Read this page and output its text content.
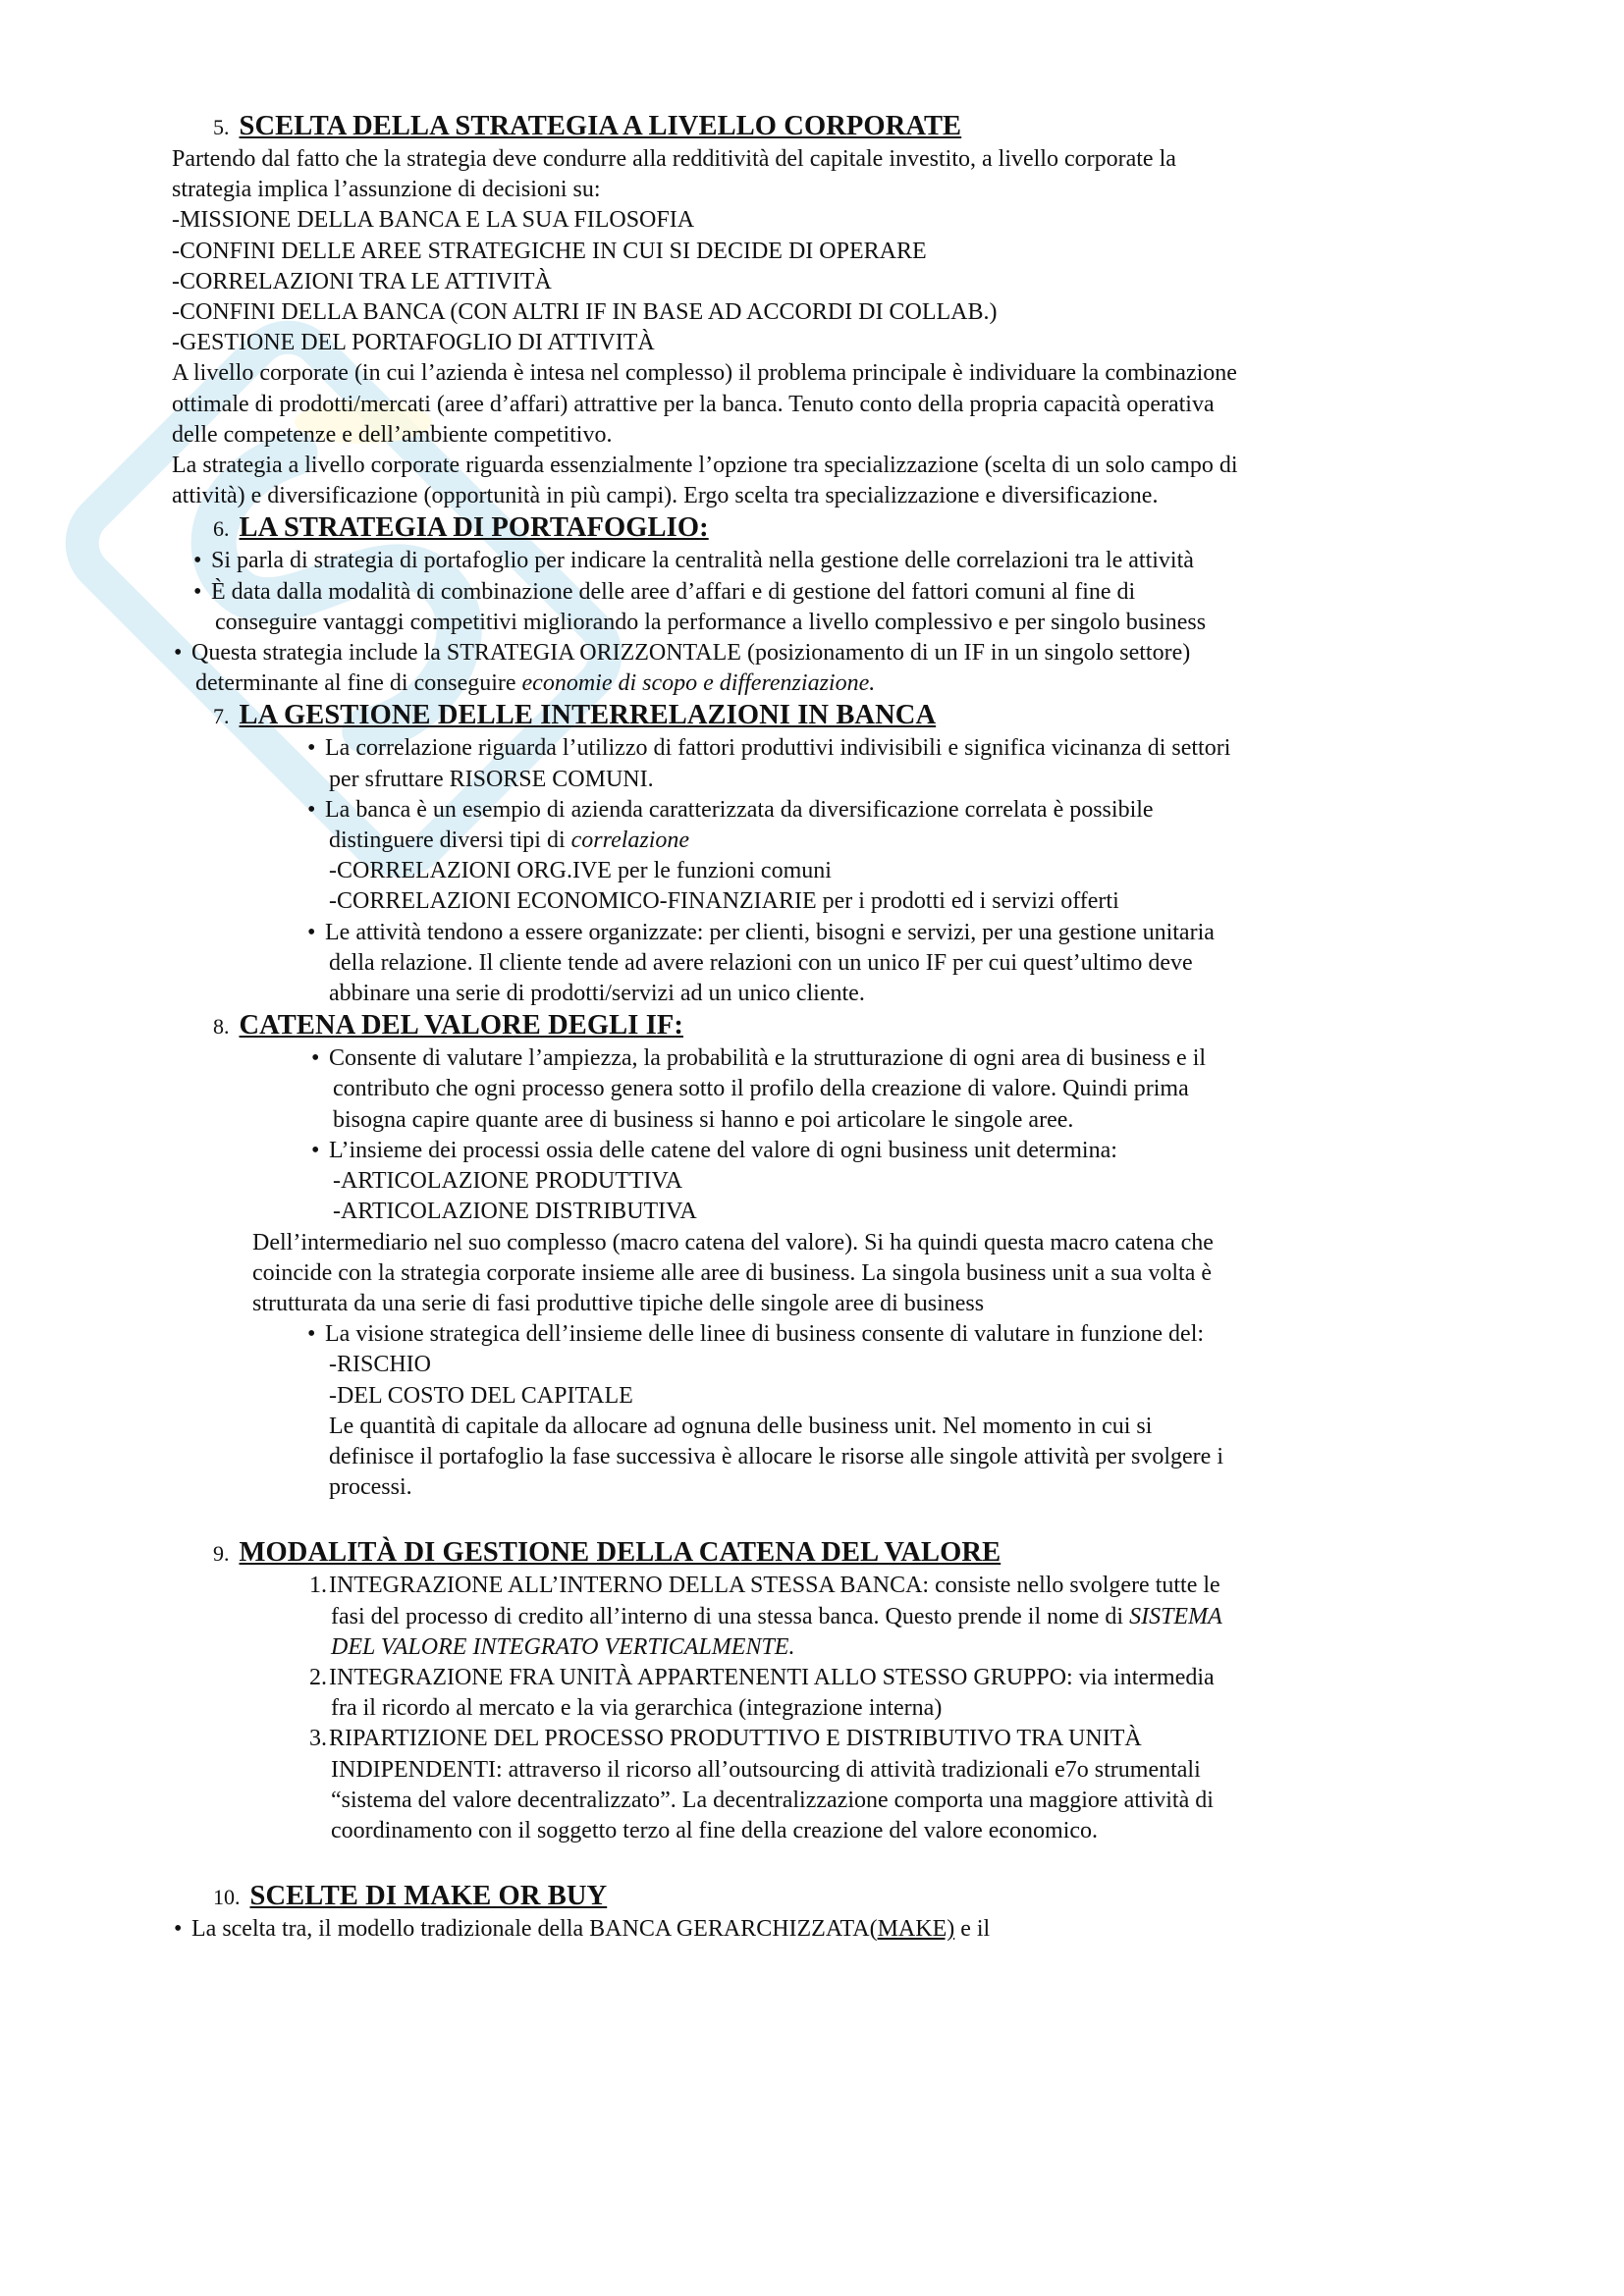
5. SCELTA DELLA STRATEGIA A LIVELLO CORPORATE

Partendo dal fatto che la strategia deve condurre alla redditività del capitale investito, a livello corporate la strategia implica l’assunzione di decisioni su:

-MISSIONE DELLA BANCA E LA SUA FILOSOFIA

-CONFINI DELLE AREE STRATEGICHE IN CUI SI DECIDE DI OPERARE

-CORRELAZIONI TRA LE ATTIVITÀ

-CONFINI DELLA BANCA (CON ALTRI IF IN BASE AD ACCORDI DI COLLAB.)

-GESTIONE DEL PORTAFOGLIO DI ATTIVITÀ

A livello corporate (in cui l’azienda è intesa nel complesso) il problema principale è individuare la combinazione ottimale di prodotti/mercati (aree d’affari) attrattive per la banca. Tenuto conto della propria capacità operativa delle competenze e dell’ambiente competitivo.

La strategia a livello corporate riguarda essenzialmente l’opzione tra specializzazione (scelta di un solo campo di attività) e diversificazione (opportunità in più campi). Ergo scelta tra specializzazione e diversificazione.

6. LA STRATEGIA DI PORTAFOGLIO:
• Si parla di strategia di portafoglio per indicare la centralità nella gestione delle correlazioni tra le attività
• È data dalla modalità di combinazione delle aree d’affari e di gestione del fattori comuni al fine di conseguire vantaggi competitivi migliorando la performance a livello complessivo e per singolo business
• Questa strategia include la STRATEGIA ORIZZONTALE (posizionamento di un IF in un singolo settore) determinante al fine di conseguire economie di scopo e differenziazione.
7. LA GESTIONE DELLE INTERRELAZIONI IN BANCA
• La correlazione riguarda l’utilizzo di fattori produttivi indivisibili e significa vicinanza di settori per sfruttare RISORSE COMUNI.
• La banca è un esempio di azienda caratterizzata da diversificazione correlata è possibile distinguere diversi tipi di correlazione
-CORRELAZIONI ORG.IVE per le funzioni comuni
-CORRELAZIONI ECONOMICO-FINANZIARIE per i prodotti ed i servizi offerti
• Le attività tendono a essere organizzate: per clienti, bisogni e servizi, per una gestione unitaria della relazione. Il cliente tende ad avere relazioni con un unico IF per cui quest’ultimo deve abbinare una serie di prodotti/servizi ad un unico cliente.
8. CATENA DEL VALORE DEGLI IF:
• Consente di valutare l’ampiezza, la probabilità e la strutturazione di ogni area di business e il contributo che ogni processo genera sotto il profilo della creazione di valore. Quindi prima bisogna capire quante aree di business si hanno e poi articolare le singole aree.
• L’insieme dei processi ossia delle catene del valore di ogni business unit determina:
-ARTICOLAZIONE PRODUTTIVA
-ARTICOLAZIONE DISTRIBUTIVA

Dell’intermediario nel suo complesso (macro catena del valore). Si ha quindi questa macro catena che coincide con la strategia corporate insieme alle aree di business. La singola business unit a sua volta è strutturata da una serie di fasi produttive tipiche delle singole aree di business

• La visione strategica dell’insieme delle linee di business consente di valutare in funzione del:
-RISCHIO
-DEL COSTO DEL CAPITALE
Le quantità di capitale da allocare ad ognuna delle business unit. Nel momento in cui si definisce il portafoglio la fase successiva è allocare le risorse alle singole attività per svolgere i processi.
9. MODALITÀ DI GESTIONE DELLA CATENA DEL VALORE
1.INTEGRAZIONE ALL’INTERNO DELLA STESSA BANCA: consiste nello svolgere tutte le fasi del processo di credito all’interno di una stessa banca. Questo prende il nome di SISTEMA DEL VALORE INTEGRATO VERTICALMENTE.
2.INTEGRAZIONE FRA UNITÀ APPARTENENTI ALLO STESSO GRUPPO: via intermedia fra il ricordo al mercato e la via gerarchica (integrazione interna)
3.RIPARTIZIONE DEL PROCESSO PRODUTTIVO E DISTRIBUTIVO TRA UNITÀ INDIPENDENTI: attraverso il ricorso all’outsourcing di attività tradizionali e7o strumentali “sistema del valore decentralizzato”. La decentralizzazione comporta una maggiore attività di coordinamento con il soggetto terzo al fine della creazione del valore economico.
10. SCELTE DI MAKE OR BUY
• La scelta tra, il modello tradizionale della BANCA GERARCHIZZATA(MAKE) e il
